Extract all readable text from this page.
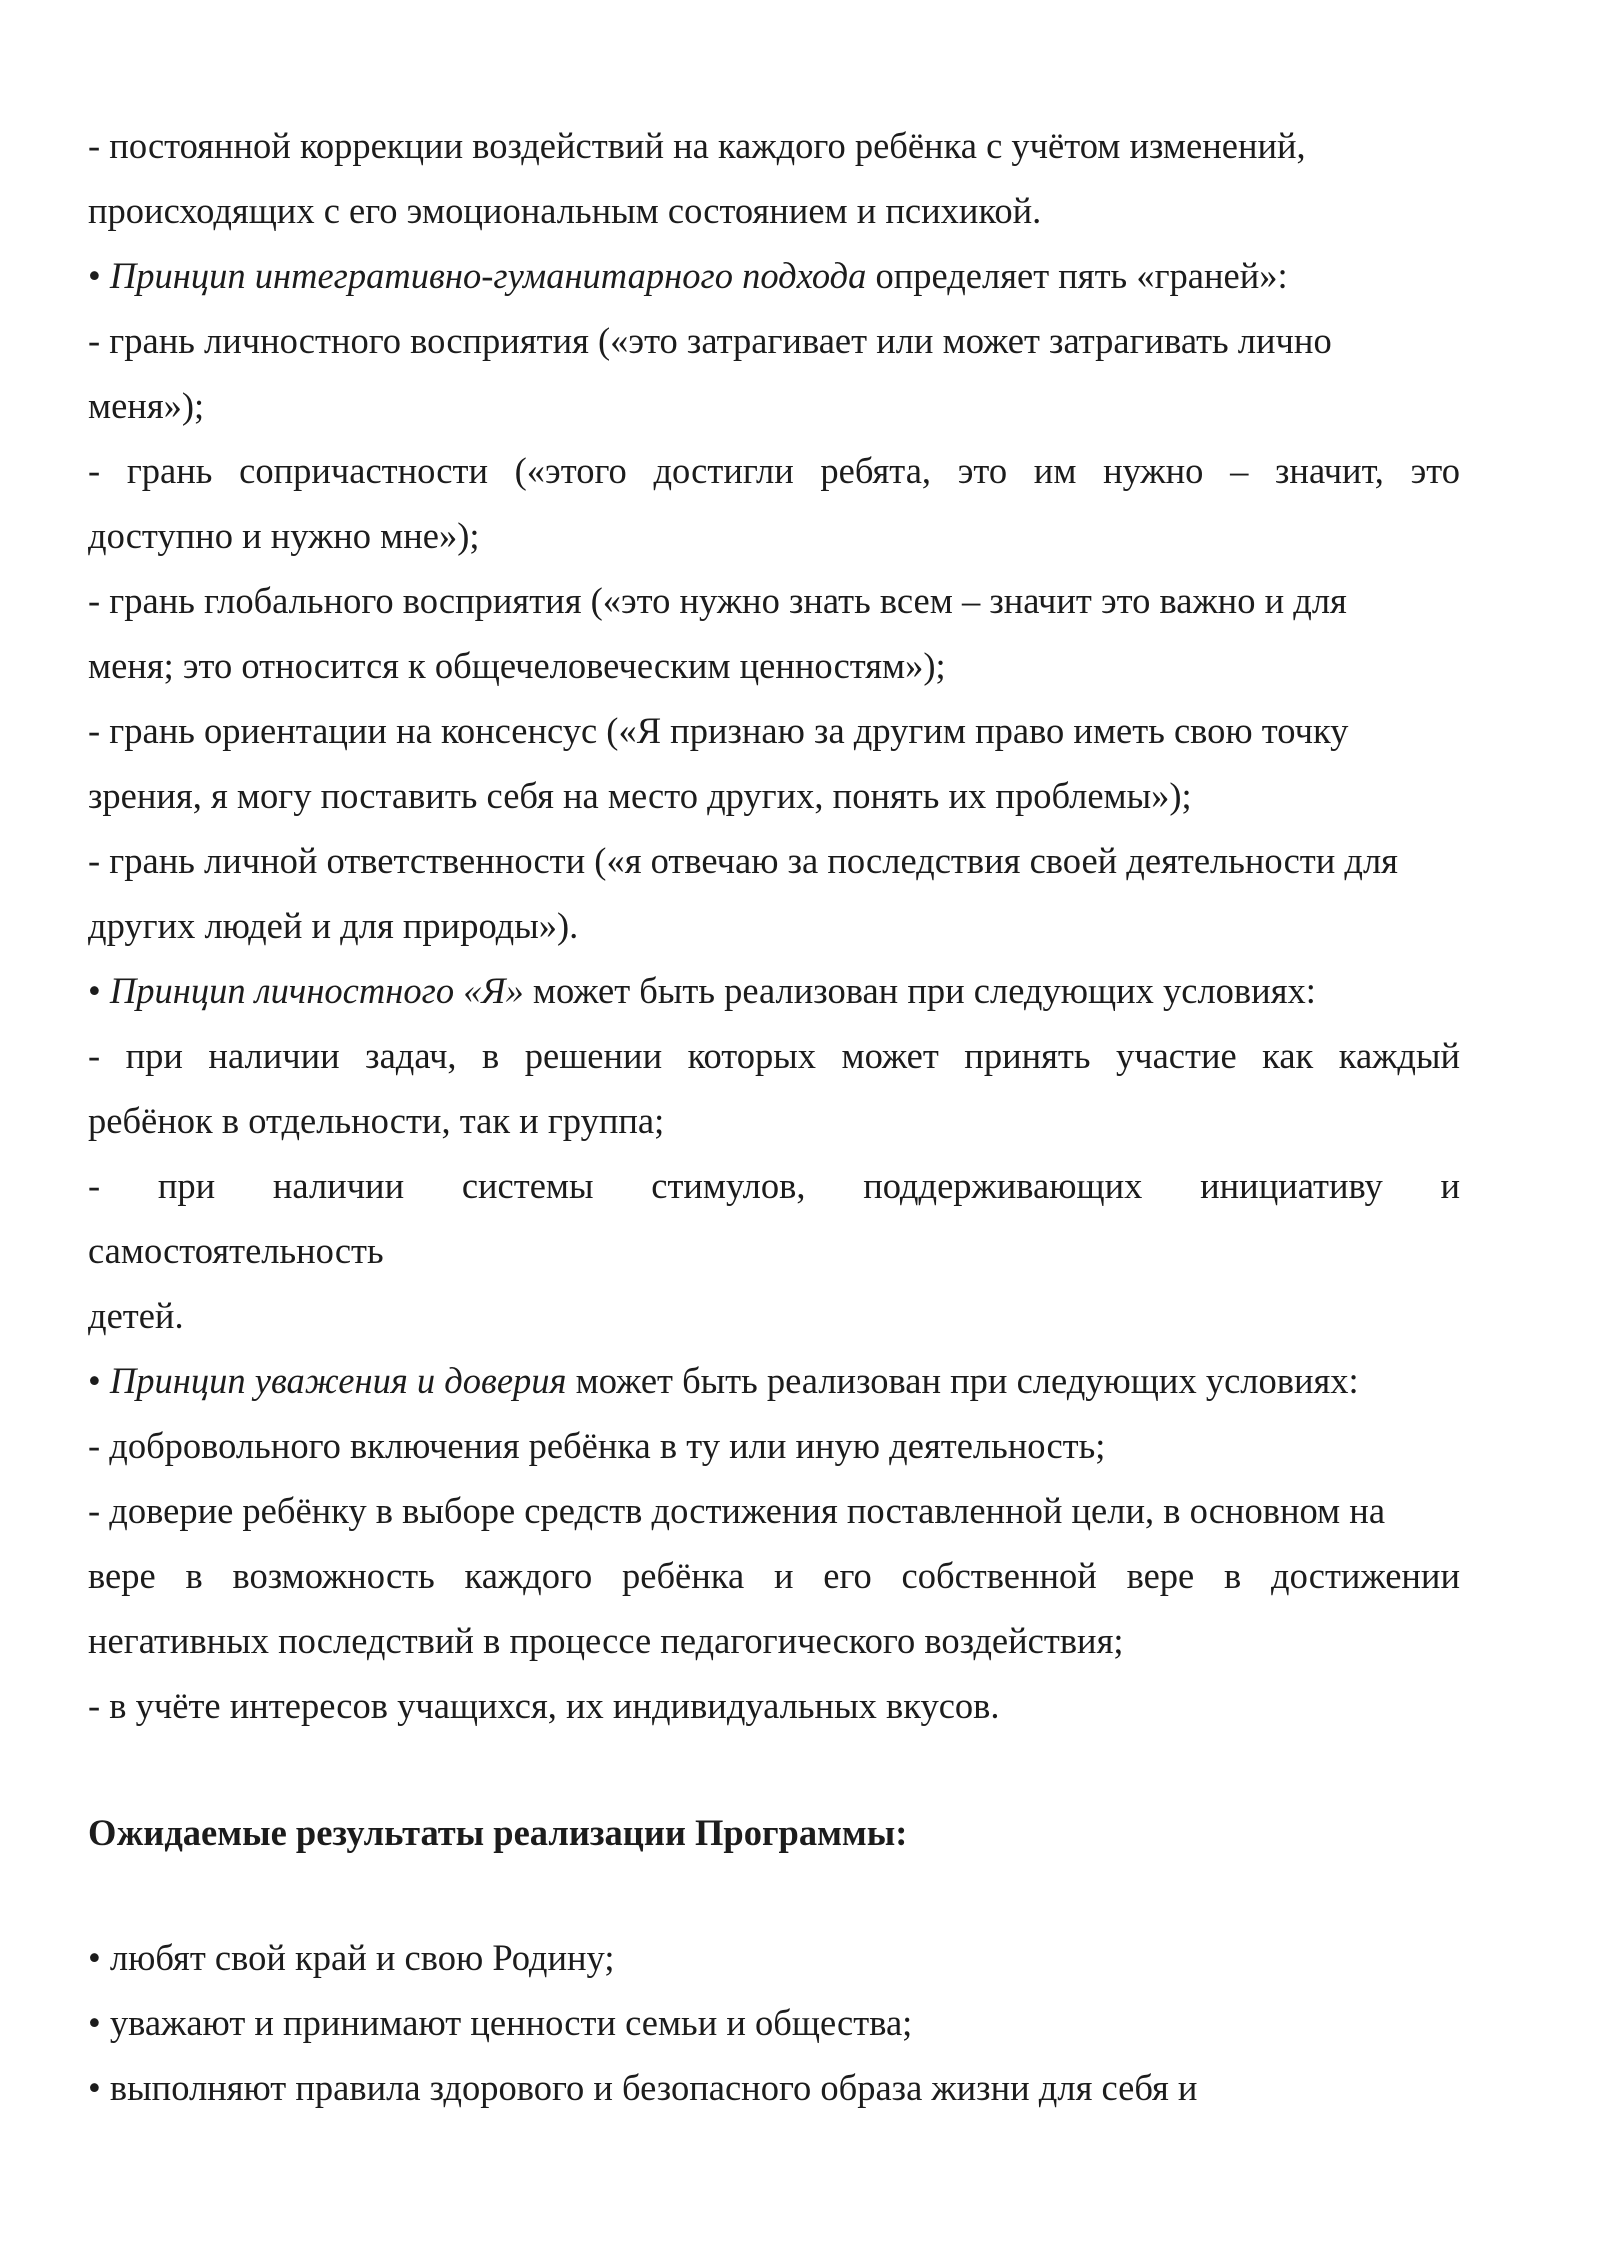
- постоянной коррекции воздействий на каждого ребёнка с учётом изменений,
происходящих с его эмоциональным состоянием и психикой.
• Принцип интегративно-гуманитарного подхода определяет пять «граней»:
- грань личностного восприятия («это затрагивает или может затрагивать лично
меня»);
- грань сопричастности («этого достигли ребята, это им нужно – значит, это
доступно и нужно мне»);
- грань глобального восприятия («это нужно знать всем – значит это важно и для
меня; это относится к общечеловеческим ценностям»);
- грань ориентации на консенсус («Я признаю за другим право иметь свою точку
зрения, я могу поставить себя на место других, понять их проблемы»);
- грань личной ответственности («я отвечаю за последствия своей деятельности для
других людей и для природы»).
• Принцип личностного «Я» может быть реализован при следующих условиях:
- при наличии задач, в решении которых может принять участие как каждый
ребёнок в отдельности, так и группа;
- при наличии системы стимулов, поддерживающих инициативу и
самостоятельность
детей.
• Принцип уважения и доверия может быть реализован при следующих условиях:
- добровольного включения ребёнка в ту или иную деятельность;
- доверие ребёнку в выборе средств достижения поставленной цели, в основном на
вере в возможность каждого ребёнка и его собственной вере в достижении
негативных последствий в процессе педагогического воздействия;
- в учёте интересов учащихся, их индивидуальных вкусов.
Ожидаемые результаты реализации Программы:
• любят свой край и свою Родину;
• уважают и принимают ценности семьи и общества;
• выполняют правила здорового и безопасного образа жизни для себя и
